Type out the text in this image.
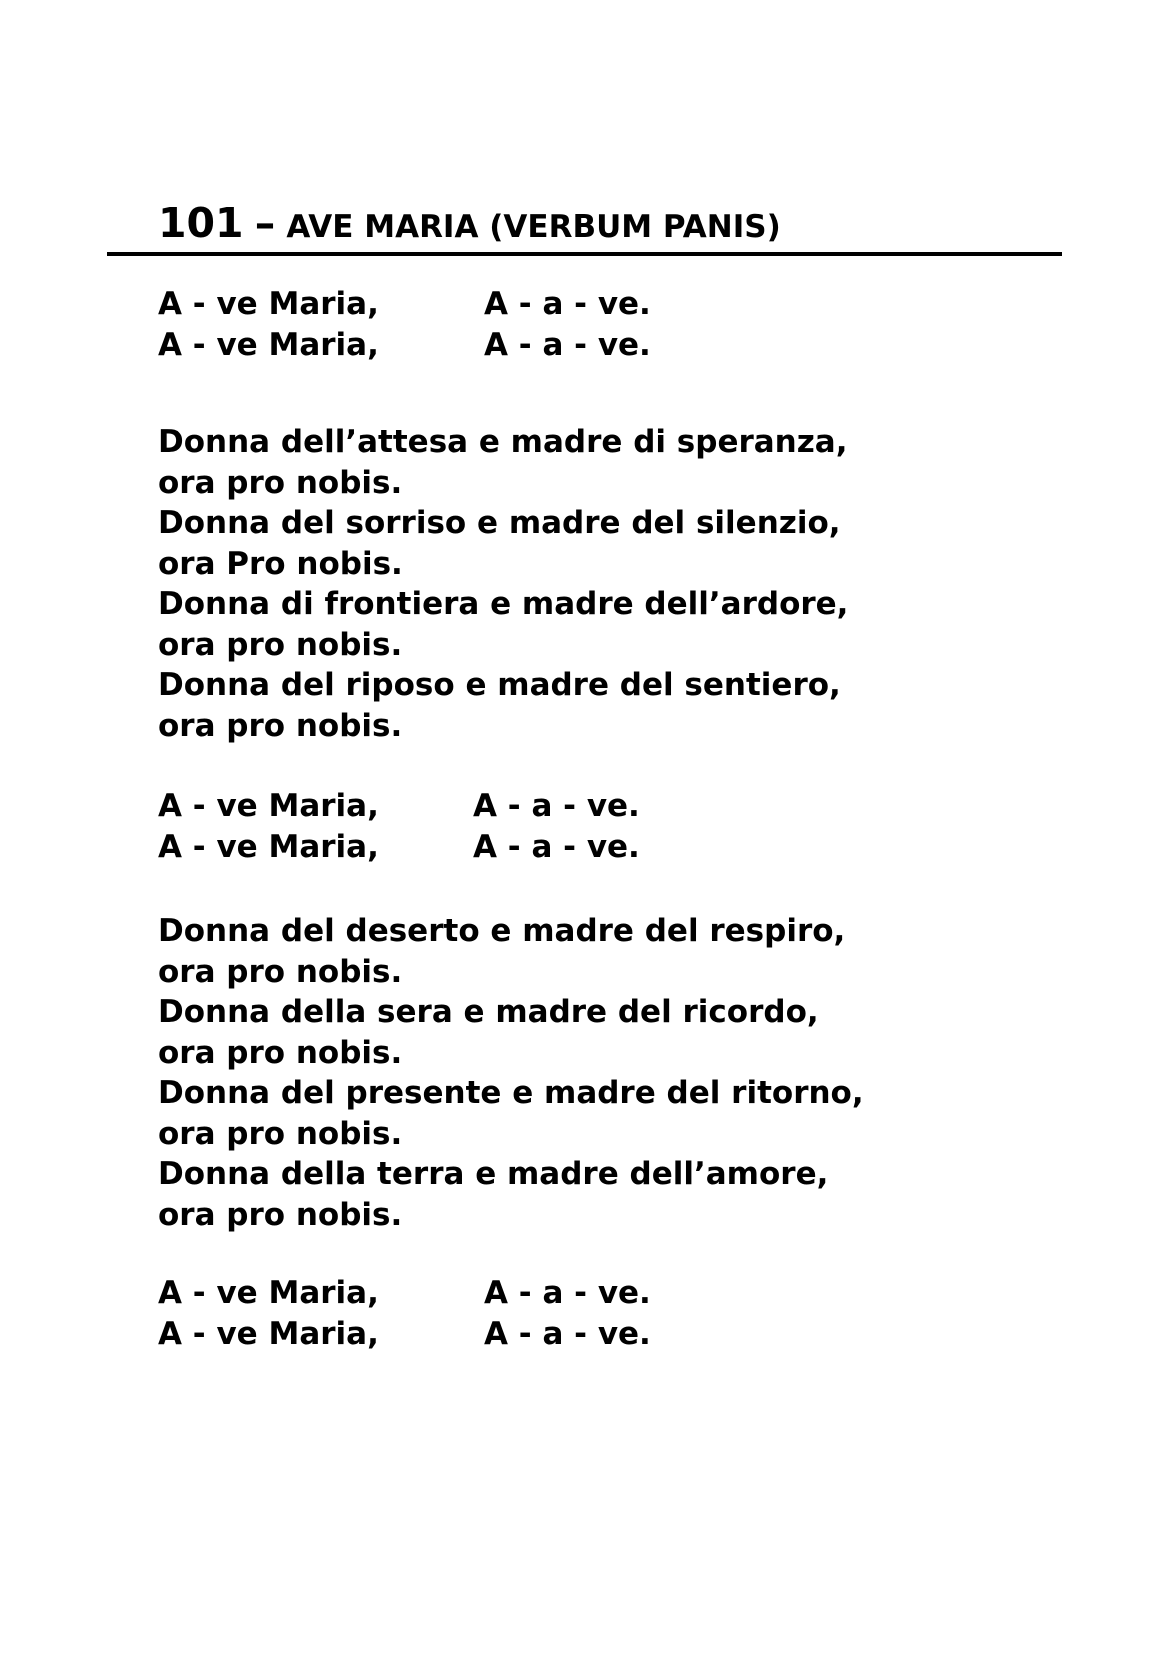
101 – AVE MARIA (VERBUM PANIS)
A - ve Maria,	A - a - ve.
A - ve Maria,	A - a - ve.
Donna dell’attesa e madre di speranza,
ora pro nobis.
Donna del sorriso e madre del silenzio,
ora Pro nobis.
Donna di frontiera e madre dell’ardore,
ora pro nobis.
Donna del riposo e madre del sentiero,
ora pro nobis.
A - ve Maria,	A - a - ve.
A - ve Maria,	A - a - ve.
Donna del deserto e madre del respiro,
ora pro nobis.
Donna della sera e madre del ricordo,
ora pro nobis.
Donna del presente e madre del ritorno,
ora pro nobis.
Donna della terra e madre dell’amore,
ora pro nobis.
A - ve Maria,	A - a - ve.
A - ve Maria,	A - a - ve.
